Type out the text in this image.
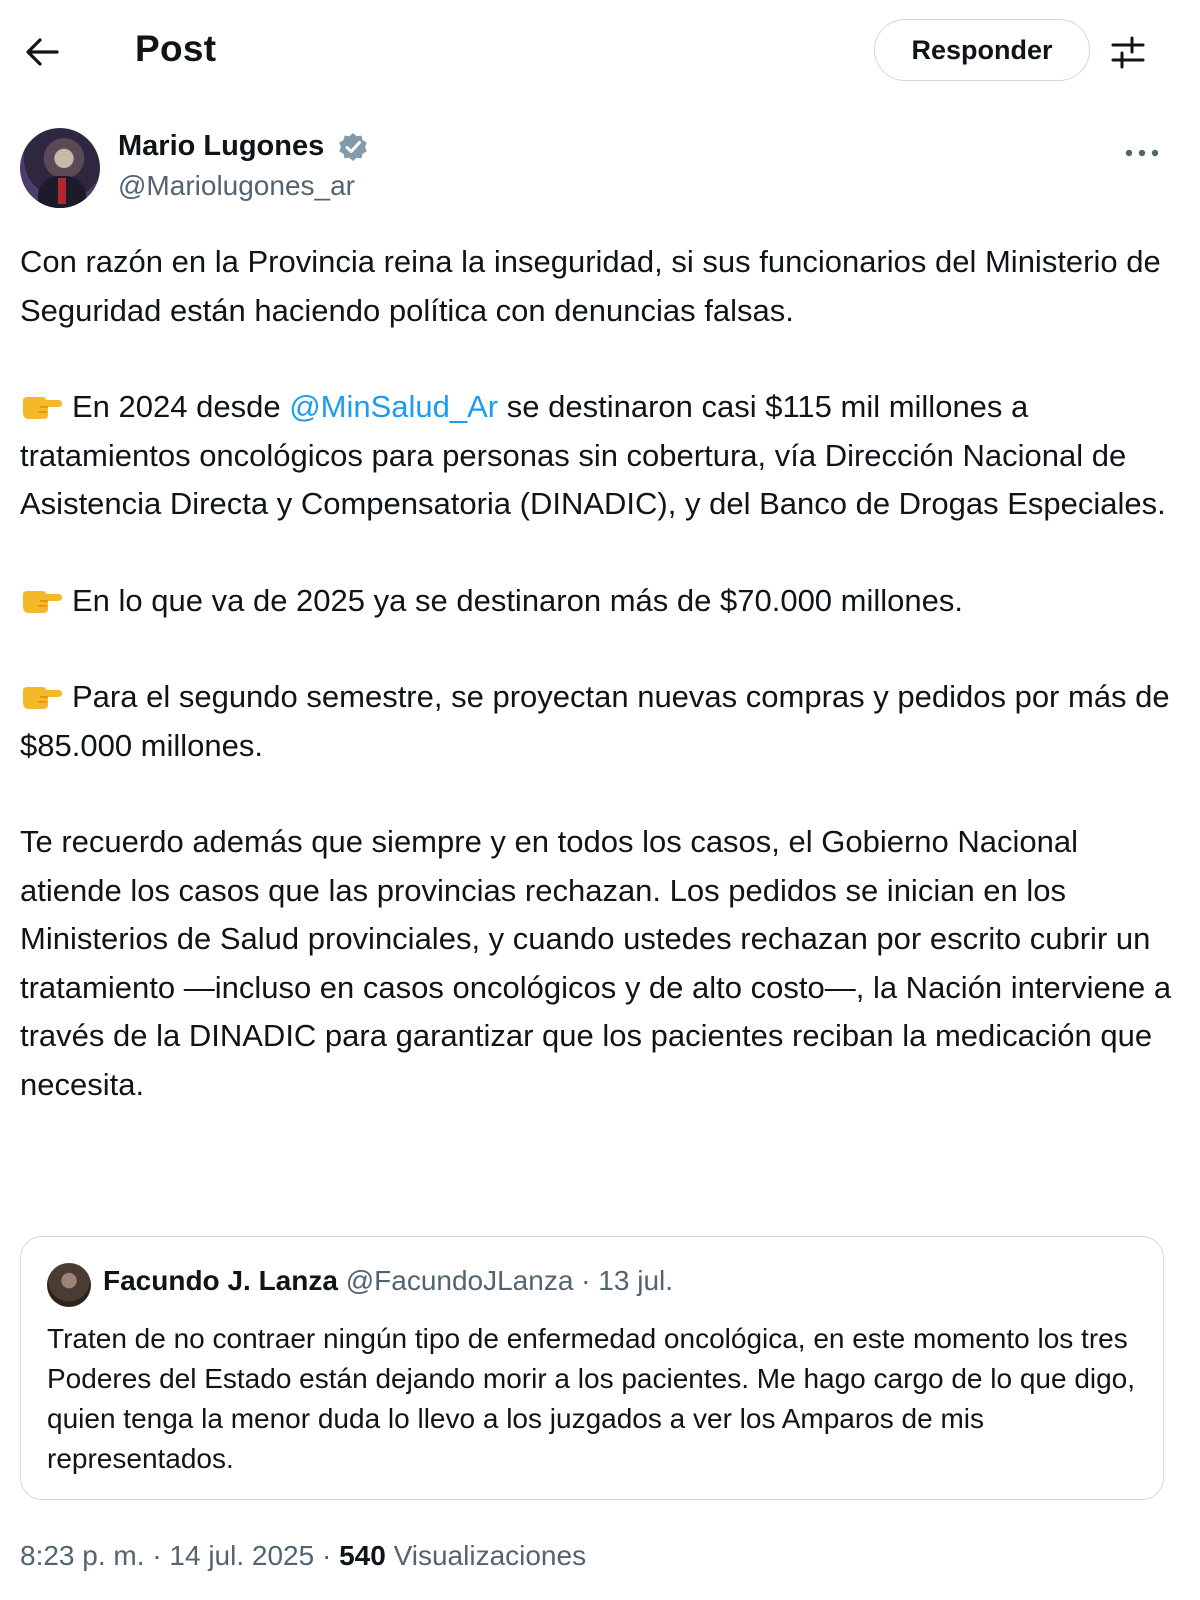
Post	Responder
Mario Lugones
@Mariolugones_ar

Con razón en la Provincia reina la inseguridad, si sus funcionarios del Ministerio de Seguridad están haciendo política con denuncias falsas.

En 2024 desde @MinSalud_Ar se destinaron casi $115 mil millones a tratamientos oncológicos para personas sin cobertura, vía Dirección Nacional de Asistencia Directa y Compensatoria (DINADIC), y del Banco de Drogas Especiales.

En lo que va de 2025 ya se destinaron más de $70.000 millones.

Para el segundo semestre, se proyectan nuevas compras y pedidos por más de $85.000 millones.

Te recuerdo además que siempre y en todos los casos, el Gobierno Nacional atiende los casos que las provincias rechazan. Los pedidos se inician en los Ministerios de Salud provinciales, y cuando ustedes rechazan por escrito cubrir un tratamiento —incluso en casos oncológicos y de alto costo—, la Nación interviene a través de la DINADIC para garantizar que los pacientes reciban la medicación que necesita.

Facundo J. Lanza @FacundoJLanza · 13 jul.
Traten de no contraer ningún tipo de enfermedad oncológica, en este momento los tres Poderes del Estado están dejando morir a los pacientes. Me hago cargo de lo que digo, quien tenga la menor duda lo llevo a los juzgados a ver los Amparos de mis representados.
8:23 p. m. · 14 jul. 2025 · 540 Visualizaciones
